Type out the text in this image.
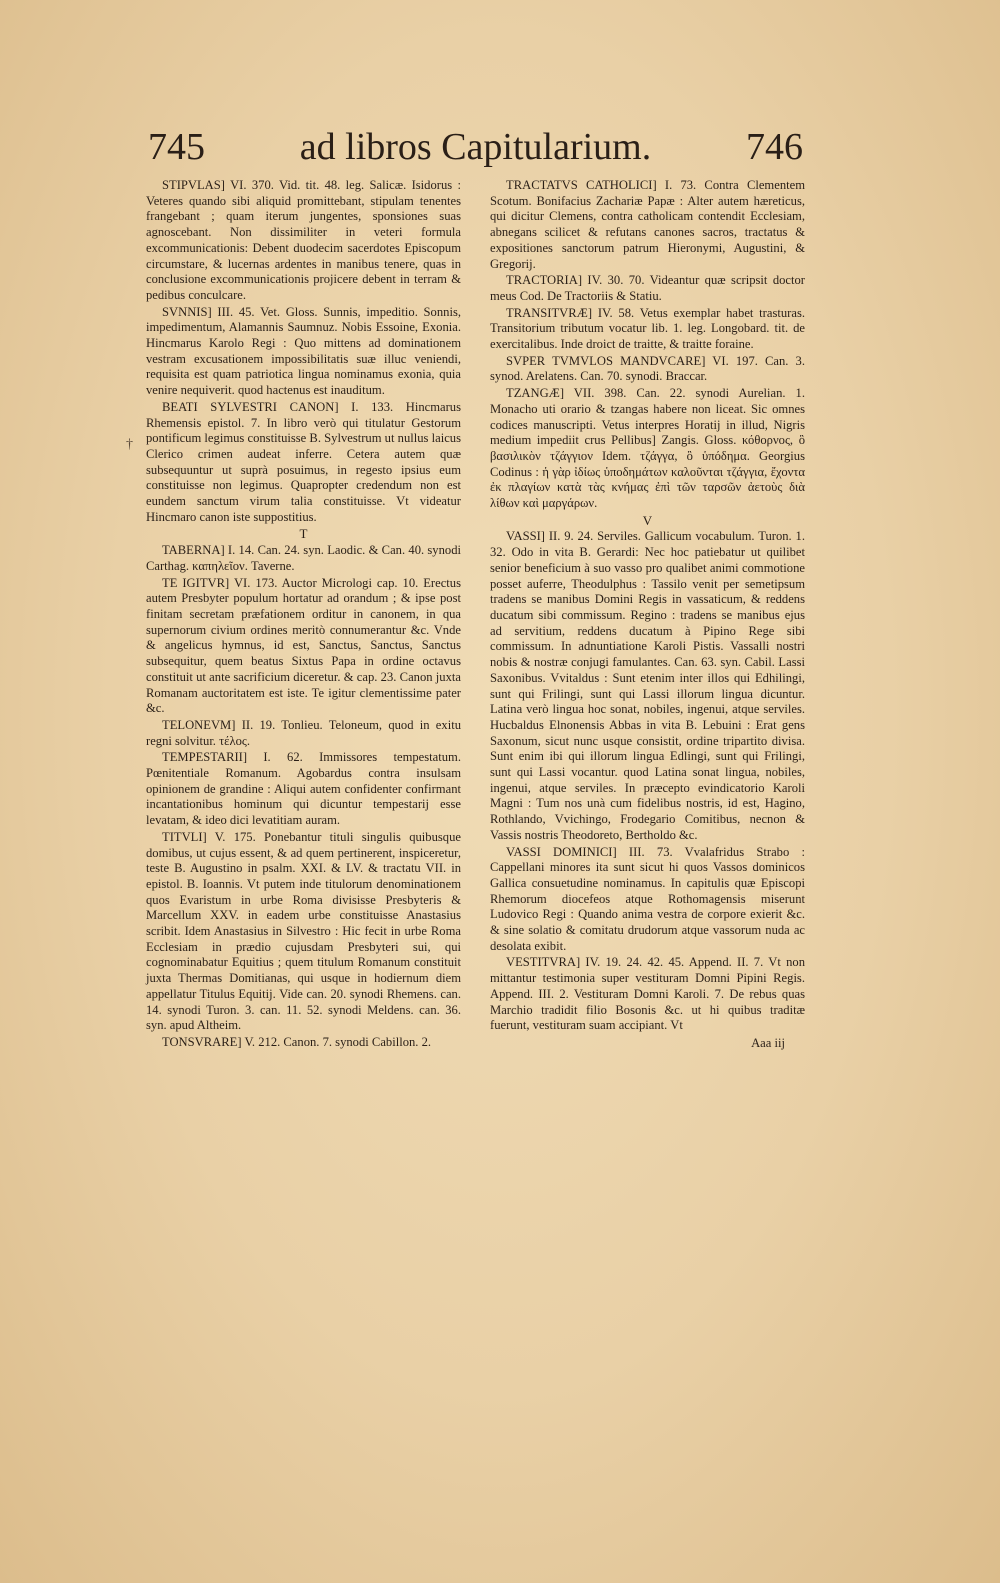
745 ad libros Capitularium. 746
†

STIPVLAS] VI. 370. Vid. tit. 48. leg. Salicæ. Isidorus : Veteres quando sibi aliquid promittebant, stipulam tenentes frangebant ; quam iterum jungentes, sponsiones suas agnoscebant. Non dissimiliter in veteri formula excommunicationis: Debent duodecim sacerdotes Episcopum circumstare, & lucernas ardentes in manibus tenere, quas in conclusione excommunicationis projicere debent in terram & pedibus conculcare.

SVNNIS] III. 45. Vet. Gloss. Sunnis, impeditio. Sonnis, impedimentum, Alamannis Saumnuz. Nobis Essoine, Exonia. Hincmarus Karolo Regi : Quo mittens ad dominationem vestram excusationem impossibilitatis suæ illuc veniendi, requisita est quam patriotica lingua nominamus exonia, quia venire nequiverit. quod hactenus est inauditum.

BEATI SYLVESTRI CANON] I. 133. Hincmarus Rhemensis epistol. 7. In libro verò qui titulatur Gestorum pontificum legimus constituisse B. Sylvestrum ut nullus laicus Clerico crimen audeat inferre. Cetera autem quæ subsequuntur ut suprà posuimus, in regesto ipsius eum constituisse non legimus. Quapropter credendum non est eundem sanctum virum talia constituisse. Vt videatur Hincmaro canon iste suppostitius.

T

TABERNA] I. 14. Can. 24. syn. Laodic. & Can. 40. synodi Carthag. καπηλεῖον. Taverne.

TE IGITVR] VI. 173. Auctor Micrologi cap. 10. Erectus autem Presbyter populum hortatur ad orandum ; & ipse post finitam secretam præfationem orditur in canonem, in qua supernorum civium ordines meritò connumerantur &c. Vnde & angelicus hymnus, id est, Sanctus, Sanctus, Sanctus subsequitur, quem beatus Sixtus Papa in ordine octavus constituit ut ante sacrificium diceretur. & cap. 23. Canon juxta Romanam auctoritatem est iste. Te igitur clementissime pater &c.

TELONEVM] II. 19. Tonlieu. Teloneum, quod in exitu regni solvitur. τέλος.

TEMPESTARII] I. 62. Immissores tempestatum. Pœnitentiale Romanum. Agobardus contra insulsam opinionem de grandine : Aliqui autem confidenter confirmant incantationibus hominum qui dicuntur tempestarij esse levatam, & ideo dici levatitiam auram.

TITVLI] V. 175. Ponebantur tituli singulis quibusque domibus, ut cujus essent, & ad quem pertinerent, inspiceretur, teste B. Augustino in psalm. XXI. & LV. & tractatu VII. in epistol. B. Ioannis. Vt putem inde titulorum denominationem quos Evaristum in urbe Roma divisisse Presbyteris & Marcellum XXV. in eadem urbe constituisse Anastasius scribit. Idem Anastasius in Silvestro : Hic fecit in urbe Roma Ecclesiam in prædio cujusdam Presbyteri sui, qui cognominabatur Equitius ; quem titulum Romanum constituit juxta Thermas Domitianas, qui usque in hodiernum diem appellatur Titulus Equitij. Vide can. 20. synodi Rhemens. can. 14. synodi Turon. 3. can. 11. 52. synodi Meldens. can. 36. syn. apud Altheim.

TONSVRARE] V. 212. Canon. 7. synodi Cabillon. 2.

TRACTATVS CATHOLICI] I. 73. Contra Clementem Scotum. Bonifacius Zachariæ Papæ : Alter autem hæreticus, qui dicitur Clemens, contra catholicam contendit Ecclesiam, abnegans scilicet & refutans canones sacros, tractatus & expositiones sanctorum patrum Hieronymi, Augustini, & Gregorij.

TRACTORIA] IV. 30. 70. Videantur quæ scripsit doctor meus Cod. De Tractoriis & Statiu.

TRANSITVRÆ] IV. 58. Vetus exemplar habet trasturas. Transitorium tributum vocatur lib. 1. leg. Longobard. tit. de exercitalibus. Inde droict de traitte, & traitte foraine.

SVPER TVMVLOS MANDVCARE] VI. 197. Can. 3. synod. Arelatens. Can. 70. synodi. Braccar.

TZANGÆ] VII. 398. Can. 22. synodi Aurelian. 1. Monacho uti orario & tzangas habere non liceat. Sic omnes codices manuscripti. Vetus interpres Horatij in illud, Nigris medium impediit crus Pellibus] Zangis. Gloss. κόθορνος, ὃ βασιλικὸν τζάγγιον Idem. τζάγγα, ὃ ὑπόδημα. Georgius Codinus : ἡ γὰρ ἰδίως ὑποδημάτων καλοῦνται τζάγγια, ἔχοντα ἐκ πλαγίων κατὰ τὰς κνήμας ἐπὶ τῶν ταρσῶν ἀετοὺς διὰ λίθων καὶ μαργάρων.

V

VASSI] II. 9. 24. Serviles. Gallicum vocabulum. Turon. 1. 32. Odo in vita B. Gerardi: Nec hoc patiebatur ut quilibet senior beneficium à suo vasso pro qualibet animi commotione posset auferre, Theodulphus : Tassilo venit per semetipsum tradens se manibus Domini Regis in vassaticum, & reddens ducatum sibi commissum. Regino : tradens se manibus ejus ad servitium, reddens ducatum à Pipino Rege sibi commissum. In adnuntiatione Karoli Pistis. Vassalli nostri nobis & nostræ conjugi famulantes. Can. 63. syn. Cabil. Lassi Saxonibus. Vvitaldus : Sunt etenim inter illos qui Edhilingi, sunt qui Frilingi, sunt qui Lassi illorum lingua dicuntur. Latina verò lingua hoc sonat, nobiles, ingenui, atque serviles. Hucbaldus Elnonensis Abbas in vita B. Lebuini : Erat gens Saxonum, sicut nunc usque consistit, ordine tripartito divisa. Sunt enim ibi qui illorum lingua Edlingi, sunt qui Frilingi, sunt qui Lassi vocantur. quod Latina sonat lingua, nobiles, ingenui, atque serviles. In præcepto evindicatorio Karoli Magni : Tum nos unà cum fidelibus nostris, id est, Hagino, Rothlando, Vvichingo, Frodegario Comitibus, necnon & Vassis nostris Theodoreto, Bertholdo &c.

VASSI DOMINICI] III. 73. Vvalafridus Strabo : Cappellani minores ita sunt sicut hi quos Vassos dominicos Gallica consuetudine nominamus. In capitulis quæ Episcopi Rhemorum diocefeos atque Rothomagensis miserunt Ludovico Regi : Quando anima vestra de corpore exierit &c. & sine solatio & comitatu drudorum atque vassorum nuda ac desolata exibit.

VESTITVRA] IV. 19. 24. 42. 45. Append. II. 7. Vt non mittantur testimonia super vestituram Domni Pipini Regis. Append. III. 2. Vestituram Domni Karoli. 7. De rebus quas Marchio tradidit filio Bosonis &c. ut hi quibus traditæ fuerunt, vestituram suam accipiant. Vt

Aaa iij
